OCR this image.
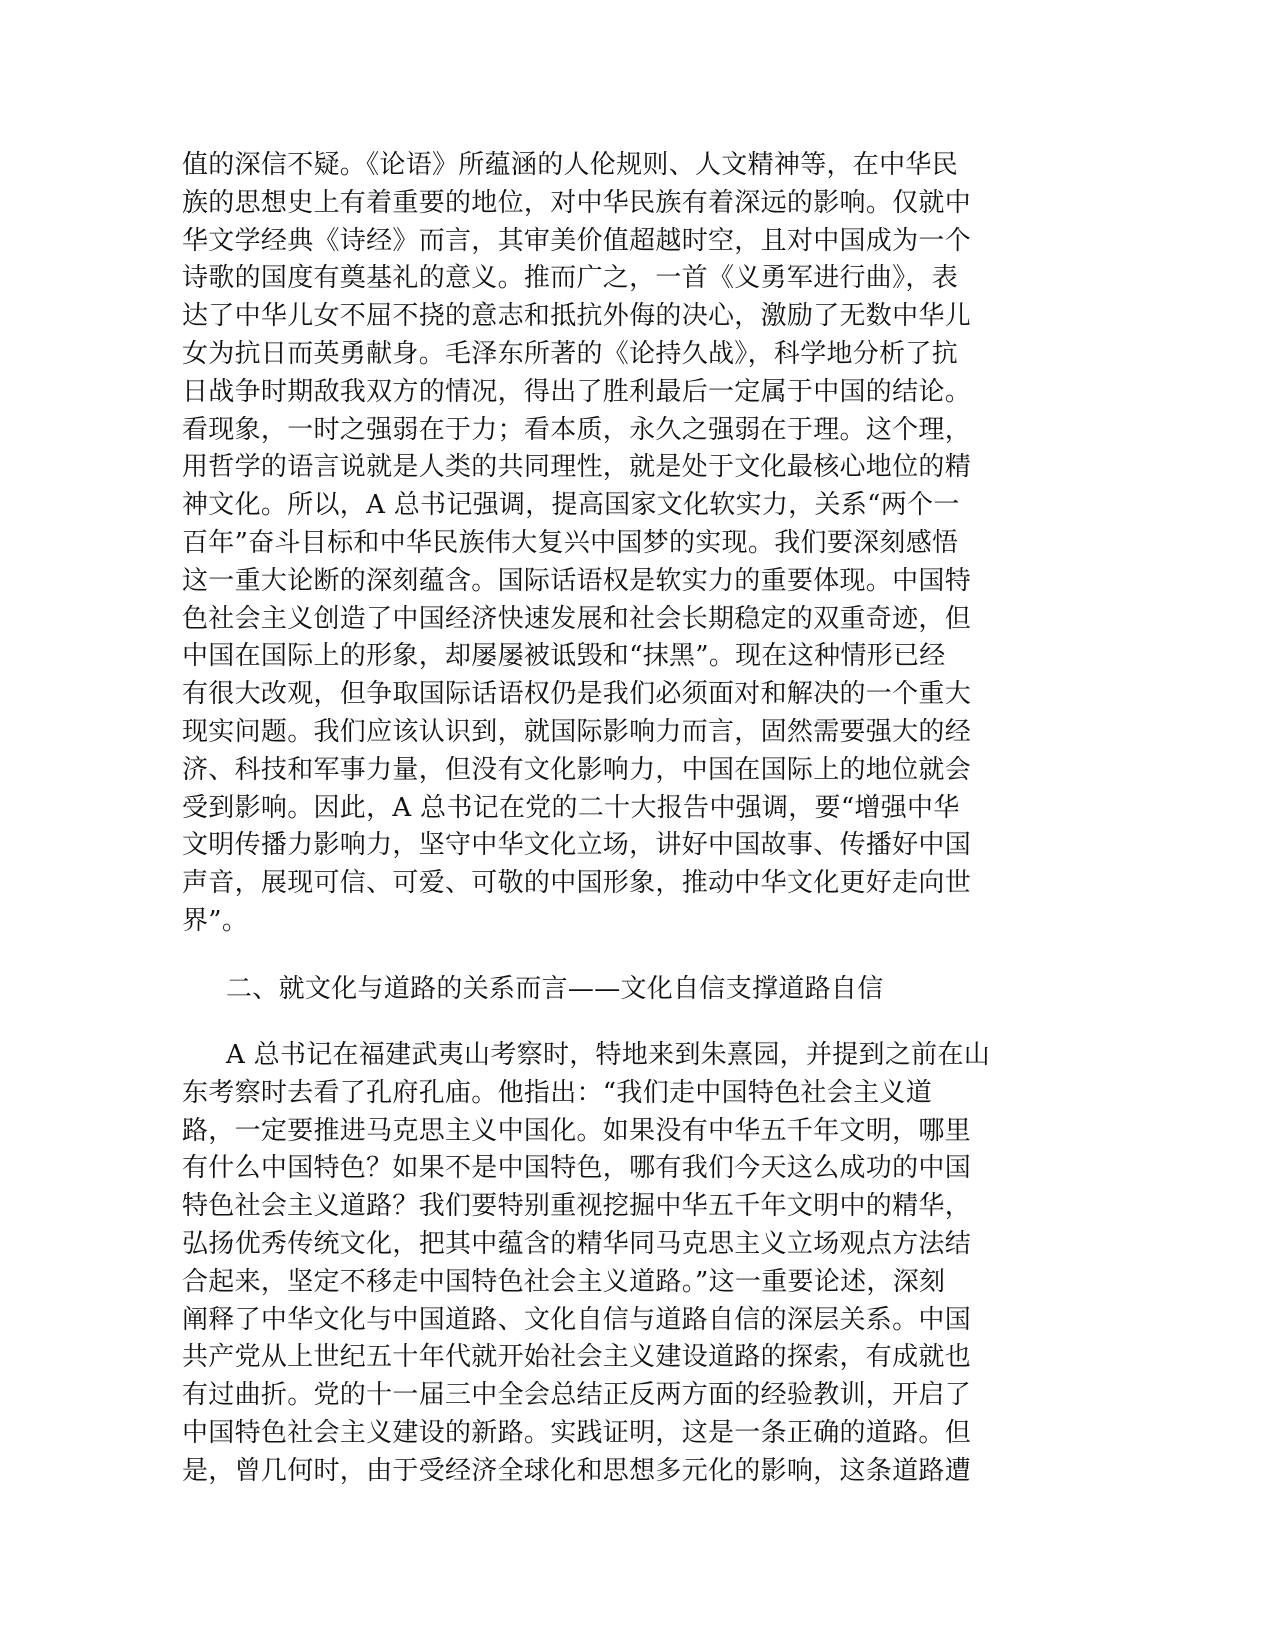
值的深信不疑。《论语》所蕴涵的人伦规则、人文精神等，在中华民
族的思想史上有着重要的地位，对中华民族有着深远的影响。仅就中
华文学经典《诗经》而言，其审美价值超越时空，且对中国成为一个
诗歌的国度有奠基礼的意义。推而广之，一首《义勇军进行曲》，表
达了中华儿女不屈不挠的意志和抵抗外侮的决心，激励了无数中华儿
女为抗日而英勇献身。毛泽东所著的《论持久战》，科学地分析了抗
日战争时期敌我双方的情况，得出了胜利最后一定属于中国的结论。
看现象，一时之强弱在于力；看本质，永久之强弱在于理。这个理，
用哲学的语言说就是人类的共同理性，就是处于文化最核心地位的精
神文化。所以，A 总书记强调，提高国家文化软实力，关系“两个一
百年”奋斗目标和中华民族伟大复兴中国梦的实现。我们要深刻感悟
这一重大论断的深刻蕴含。国际话语权是软实力的重要体现。中国特
色社会主义创造了中国经济快速发展和社会长期稳定的双重奇迹，但
中国在国际上的形象，却屡屡被诋毁和“抹黑”。现在这种情形已经
有很大改观，但争取国际话语权仍是我们必须面对和解决的一个重大
现实问题。我们应该认识到，就国际影响力而言，固然需要强大的经
济、科技和军事力量，但没有文化影响力，中国在国际上的地位就会
受到影响。因此，A 总书记在党的二十大报告中强调，要“增强中华
文明传播力影响力，坚守中华文化立场，讲好中国故事、传播好中国
声音，展现可信、可爱、可敬的中国形象，推动中华文化更好走向世
界”。
二、就文化与道路的关系而言——文化自信支撑道路自信
A 总书记在福建武夷山考察时，特地来到朱熹园，并提到之前在山
东考察时去看了孔府孔庙。他指出：“我们走中国特色社会主义道
路，一定要推进马克思主义中国化。如果没有中华五千年文明，哪里
有什么中国特色？如果不是中国特色，哪有我们今天这么成功的中国
特色社会主义道路？我们要特别重视挖掘中华五千年文明中的精华，
弘扬优秀传统文化，把其中蕴含的精华同马克思主义立场观点方法结
合起来，坚定不移走中国特色社会主义道路。”这一重要论述，深刻
阐释了中华文化与中国道路、文化自信与道路自信的深层关系。中国
共产党从上世纪五十年代就开始社会主义建设道路的探索，有成就也
有过曲折。党的十一届三中全会总结正反两方面的经验教训，开启了
中国特色社会主义建设的新路。实践证明，这是一条正确的道路。但
是，曾几何时，由于受经济全球化和思想多元化的影响，这条道路遭
